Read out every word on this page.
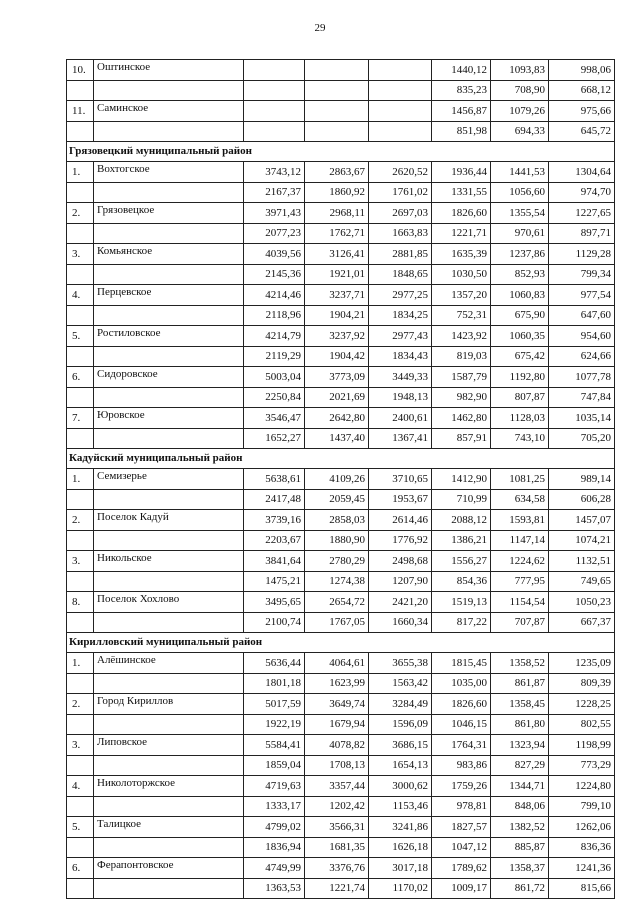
29
10.	Оштинское				1440,12	1093,83	998,06
					835,23	708,90	668,12
11.	Саминское				1456,87	1079,26	975,66
					851,98	694,33	645,72
Грязовецкий муниципальный район							
1.	Вохтогское	3743,12	2863,67	2620,52	1936,44	1441,53	1304,64
		2167,37	1860,92	1761,02	1331,55	1056,60	974,70
2.	Грязовецкое	3971,43	2968,11	2697,03	1826,60	1355,54	1227,65
		2077,23	1762,71	1663,83	1221,71	970,61	897,71
3.	Комьянское	4039,56	3126,41	2881,85	1635,39	1237,86	1129,28
		2145,36	1921,01	1848,65	1030,50	852,93	799,34
4.	Перцевское	4214,46	3237,71	2977,25	1357,20	1060,83	977,54
		2118,96	1904,21	1834,25	752,31	675,90	647,60
5.	Ростиловское	4214,79	3237,92	2977,43	1423,92	1060,35	954,60
		2119,29	1904,42	1834,43	819,03	675,42	624,66
6.	Сидоровское	5003,04	3773,09	3449,33	1587,79	1192,80	1077,78
		2250,84	2021,69	1948,13	982,90	807,87	747,84
7.	Юровское	3546,47	2642,80	2400,61	1462,80	1128,03	1035,14
		1652,27	1437,40	1367,41	857,91	743,10	705,20
Кадуйский муниципальный район							
1.	Семизерье	5638,61	4109,26	3710,65	1412,90	1081,25	989,14
		2417,48	2059,45	1953,67	710,99	634,58	606,28
2.	Поселок Кадуй	3739,16	2858,03	2614,46	2088,12	1593,81	1457,07
		2203,67	1880,90	1776,92	1386,21	1147,14	1074,21
3.	Никольское	3841,64	2780,29	2498,68	1556,27	1224,62	1132,51
		1475,21	1274,38	1207,90	854,36	777,95	749,65
8.	Поселок Хохлово	3495,65	2654,72	2421,20	1519,13	1154,54	1050,23
		2100,74	1767,05	1660,34	817,22	707,87	667,37
Кирилловский муниципальный район							
1.	Алёшинское	5636,44	4064,61	3655,38	1815,45	1358,52	1235,09
		1801,18	1623,99	1563,42	1035,00	861,87	809,39
2.	Город Кириллов	5017,59	3649,74	3284,49	1826,60	1358,45	1228,25
		1922,19	1679,94	1596,09	1046,15	861,80	802,55
3.	Липовское	5584,41	4078,82	3686,15	1764,31	1323,94	1198,99
		1859,04	1708,13	1654,13	983,86	827,29	773,29
4.	Николоторжское	4719,63	3357,44	3000,62	1759,26	1344,71	1224,80
		1333,17	1202,42	1153,46	978,81	848,06	799,10
5.	Талицкое	4799,02	3566,31	3241,86	1827,57	1382,52	1262,06
		1836,94	1681,35	1626,18	1047,12	885,87	836,36
6.	Ферапонтовское	4749,99	3376,76	3017,18	1789,62	1358,37	1241,36
		1363,53	1221,74	1170,02	1009,17	861,72	815,66
